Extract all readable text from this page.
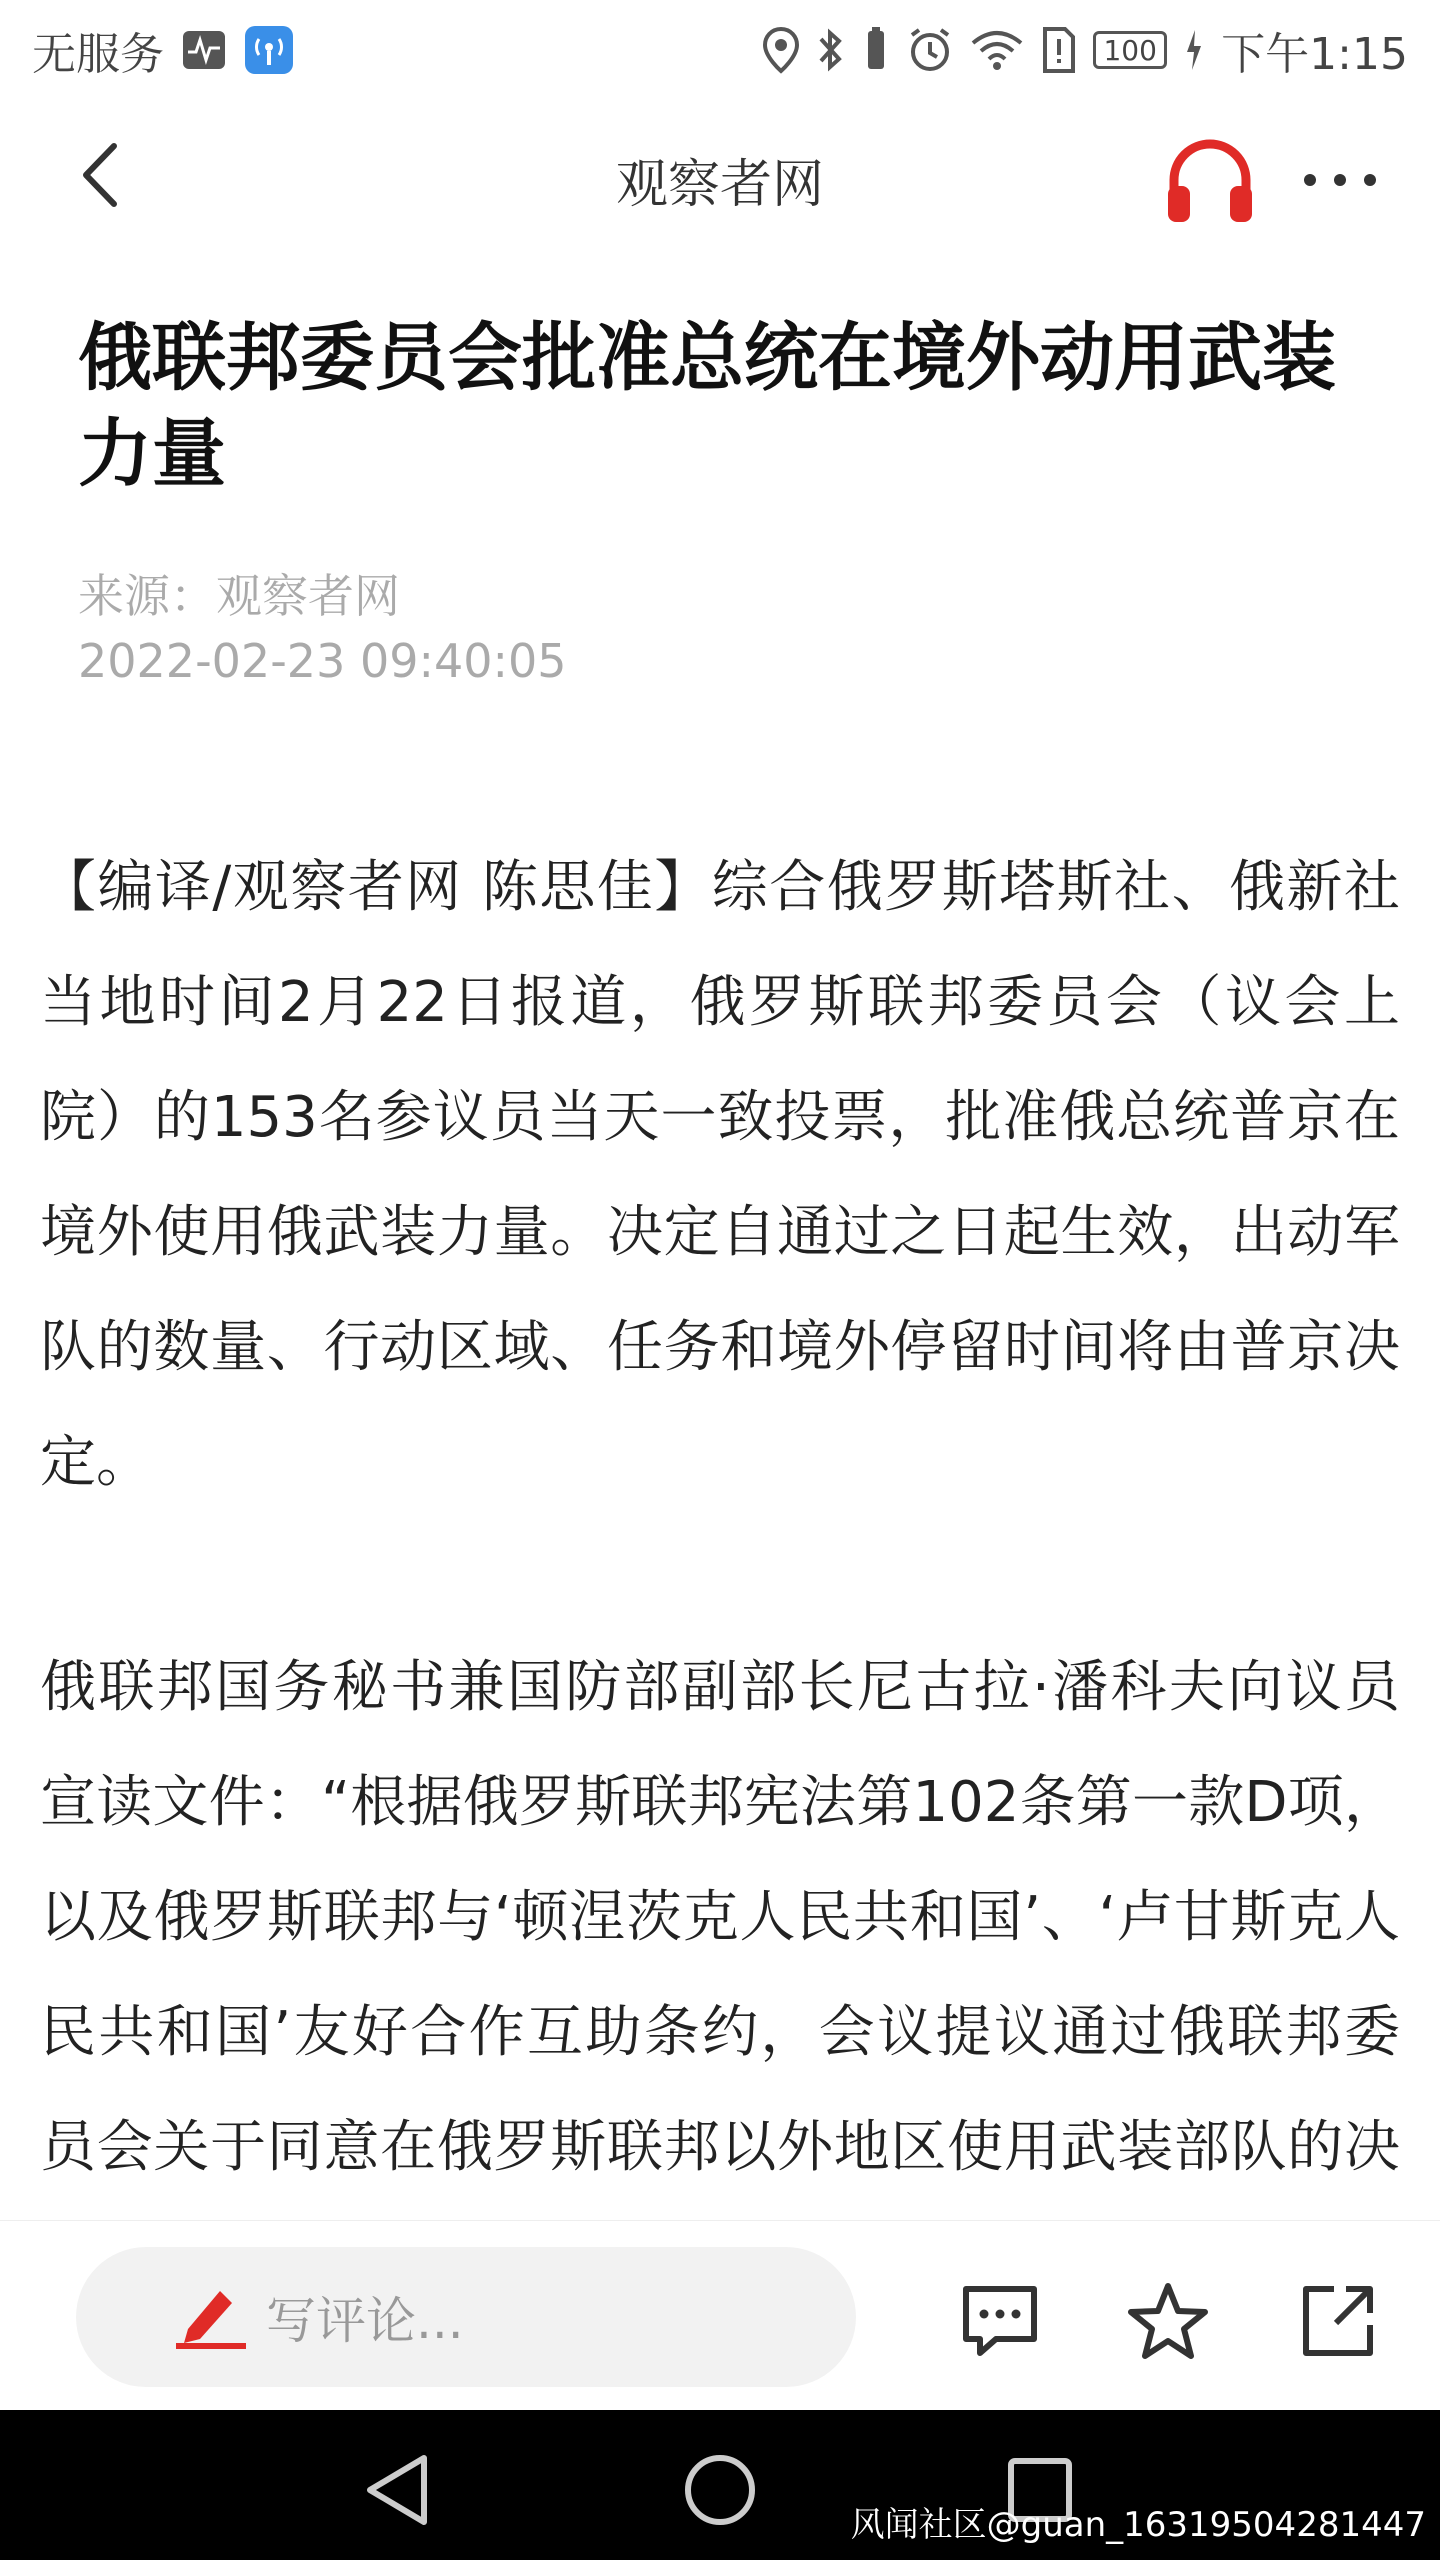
无服务	100 下午1:15
观察者网
俄联邦委员会批准总统在境外动用武装力量
来源：观察者网
2022-02-23 09:40:05

【编译/观察者网 陈思佳】综合俄罗斯塔斯社、俄新社当地时间2月22日报道，俄罗斯联邦委员会（议会上院）的153名参议员当天一致投票，批准俄总统普京在境外使用俄武装力量。决定自通过之日起生效，出动军队的数量、行动区域、任务和境外停留时间将由普京决定。

俄联邦国务秘书兼国防部副部长尼古拉·潘科夫向议员宣读文件：“根据俄罗斯联邦宪法第102条第一款D项，以及俄罗斯联邦与‘顿涅茨克人民共和国’、‘卢甘斯克人民共和国’友好合作互助条约，会议提议通过俄联邦委员会关于同意在俄罗斯联邦以外地区使用武装部队的决

写评论...
风闻社区@guan_16319504281447
